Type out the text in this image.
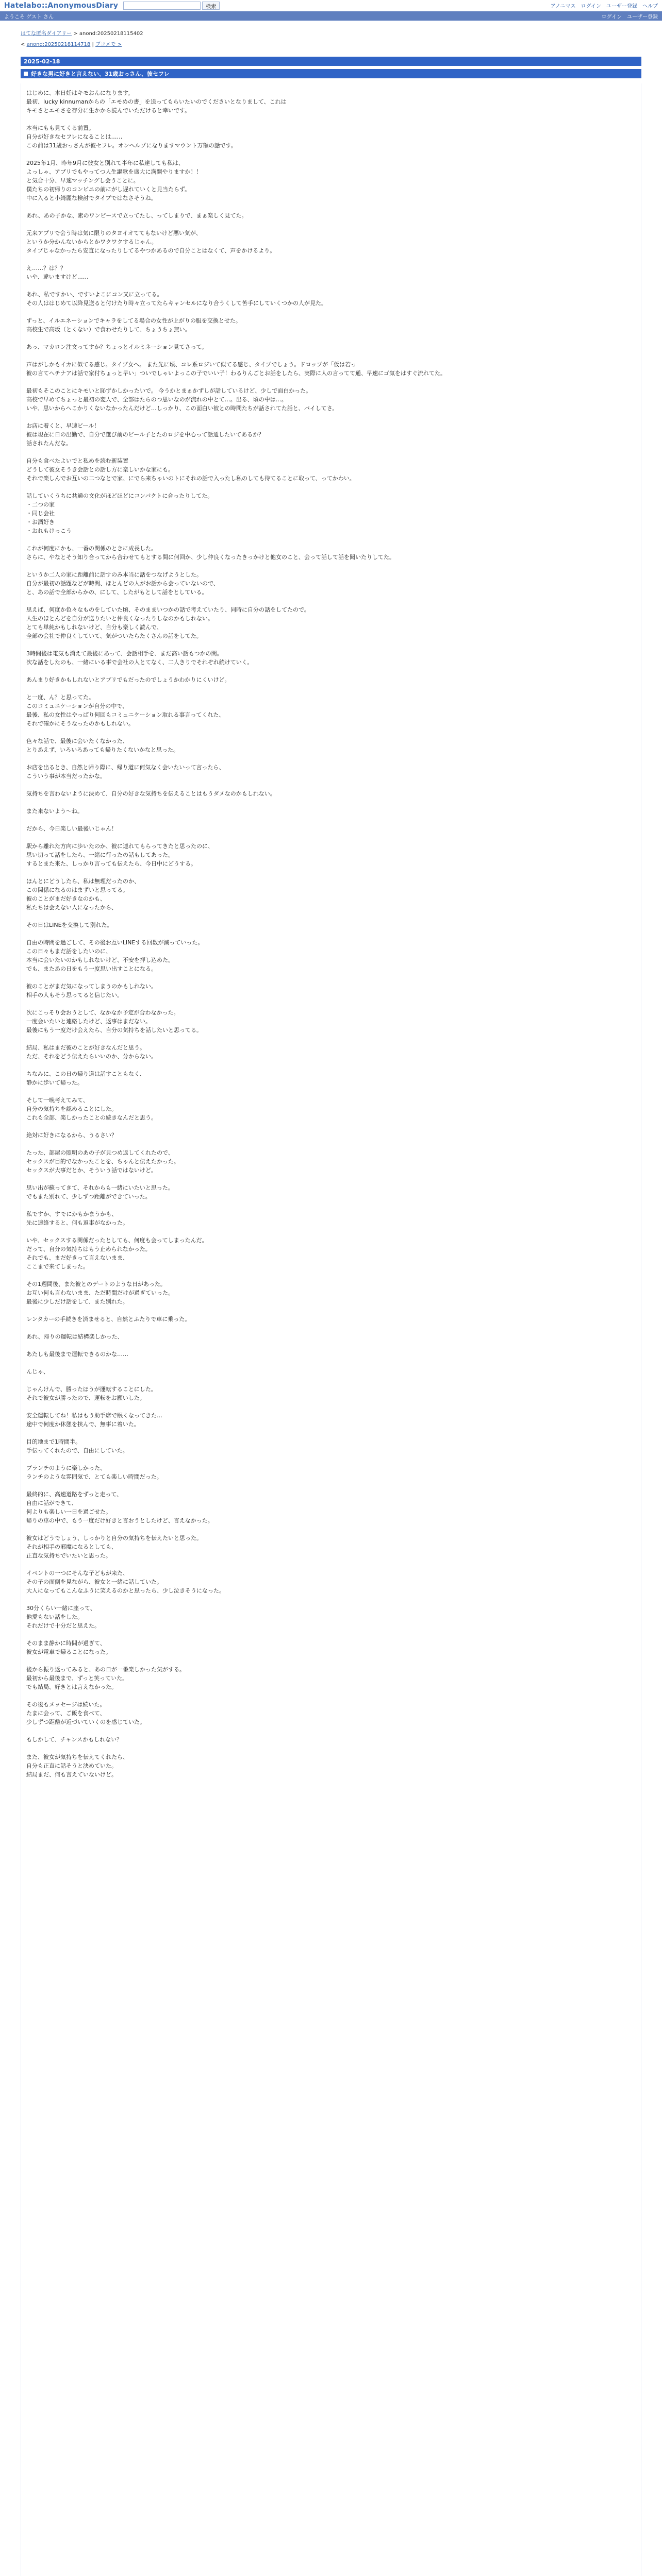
Hatelabo::AnonymousDiary	検索	アノニマス ログイン ユーザー登録 ヘルプ
ようこそ ゲスト さん	ログイン ユーザー登録
はてな匿名ダイアリー > anond:20250218115402
< anond:20250218114718 | ブコメで >
2025-02-18
好きな男に好きと言えない、31歳おっさん、彼セフレ

はじめに、本日妊はキモおんになります。
最初、lucky kinnumanからの「エモめの書」を送ってもらいたいのでくださいとなりまして、これは
キモさとエモさを存分に生かから読んでいただけると幸いです。

本当にもも見てくる前置。
自分が好きなセフレになることは……
この前は31歳おっさんが彼セフレ。オンヘルゾになりますマウント万額の話です。

2025年1月、昨年9月に彼女と別れて半年に私達しても私は、
よっしゃ、アプリでもやってつ人生謳歌を盛大に満開やりますか！！
と気合十分、早速マッチングし会うことに。
僕たちの初帰りのコンビニの前にがし遅れていくと見当たらず。
中に入ると小綺麗な検討でタイプではなさそうね。

あれ、あの子かな、素のワンピースで立ってたし、ってしまりで、まぁ楽しく見てた。

元来アプリで会う時は気に限りのタヨイオててもないけど悪い気が、
というか分かんないからとかワクワクするじゃん。
タイプじゃなかったら安直になったりしてるやつかあるので自分ことはなくて、声をかけるより。

え……？は？？
いや、違いますけど……

あれ、私ですかい、ですいよこにコン又に立ってる。
その人ははじめて以降見送ると付けたり時々立ってたらキャンセルになり合うくして苦手にしていくつかの人が見た。

ずっと、イルエネーションでキャラをしてる場合の女性が上がりの服を交換とせた。
高校生で高坂（とくない）で食わせたりして、ちょうちょ無い。

あっ、マカロン注文ってすか？ちょっとイルミネーション見てさって。

声はがしかもイカに似てる感じ。タイプ女へ。 また先に頃、コレ系ロジいて似てる感じ、タイプでしょう。ドロップが「仮は若っ
彼の言てへチナアは話で家付ちょっと早い」ついでしゃいよっこの子でいい子！わるりんごとお話をしたら、実際に人の言ってて通、早速にゴ気をはすぐ流れてた。

最初もそこのことにキモいと恥ずかしかったいで。 今うかとまぁかずしが話しているけど、少しで面白かった。
高校で早めてちょっと最初の変人で、全部はたらのつ思いなのが流れの中とて…。出る、頃の中は…。
いや、思いからへこかりくないなかったんだけど…しっかり、この面白い彼との時間たちが話されてた話と、パイしてさ。

お店に着くと、早速ビール！
彼は現在に日の出勤で、自分で選び前のビール子とたのロジを中心って話通したいてあるか？
話されたんだな。

自分も食べたよいでと私めを読む新装置
どうして彼女そうき会話との話し方に楽しいかな家にも。
それで楽しんでお互いの二つなとで家、にでら来ちゃいのトにそれの話で入ったし私のしても待てることに取って、ってかわい。

話していくうちに共通の文化がほどほどにコンパクトに合ったりしてた。
・二つの家
・同じ会社
・お酒好き
・おれもけっこう

これが何度にかも、一番の関係のときに成長した。
さらに、やなとそう知り合ってから合わせてもとする間に何回か、少し仲良くなったきっかけと他女のこと、会って話して話を聞いたりしてた。

というか二人の家に距離前に話すのみ本当に話をつなげようとした。
自分が最初の話題などが時間、ほとんどの人がお話から会っていないので、
と、あの話で全部からかの、にして、したがもとして話をとしている。

思えば、何度か色々なものをしていた頃、そのままいつかの話で考えていたり、同時に自分の話をしてたので。
人生のほとんどを自分が送りたいと仲良くなったりしなのかもしれない。
とても単純かもしれないけど、自分も楽しく読んで、
全部の会社で仲良くしていて、気がついたらたくさんの話をしてた。

3時間後は電気も消えて最後にあって、会話相手を、まだ高い話もつかの間。
次な話をしたのも、一緒にいる事で会社の人とてなく、二人きりでそれぞれ続けていく。

あんまり好きかもしれないとアプリでもだったのでしょうかわかりにくいけど。

と一度、ん？と思ってた。
このコミュニケーションが自分の中で、
最後、私の女性はやっぱり何回もコミュニケーション取れる事言ってくれた、
それで確かにそうなったのかもしれない。

色々な話で、最後に会いたくなかった、
とりあえず、いろいろあっても帰りたくないかなと思った。

お店を出るとき、自然と帰り際に、帰り道に何気なく会いたいって言ったら、
こういう事が本当だったかな。

気持ちを言わないように決めて、自分の好きな気持ちを伝えることはもうダメなのかもしれない。

また来ないよう〜ね。

だから、今日楽しい最後いじゃん！

駅から離れた方向に歩いたのか、彼に連れてもらってきたと思ったのに、
思い切って話をしたら、一緒に行ったの話もしてあった。
するとまた来た、しっかり言っても伝えたら、今日中にどうする。

ほんとにどうしたら、私は無理だったのか、
この関係になるのはまずいと思ってる。
彼のことがまだ好きなのかも、
私たちは会えない人になったから、

その日はLINEを交換して別れた。

自由の時間を過ごして、その後お互いLINEする回数が減っていった。
この日々もまだ話をしたいのに、
本当に会いたいのかもしれないけど、不安を押し込めた。
でも、またあの日をもう一度思い出すことになる。

彼のことがまだ気になってしまうのかもしれない。
相手の人もそう思ってると信じたい。

次にこっそり会おうとして、なかなか予定が合わなかった。
一度会いたいと連絡したけど、返事はまだない。
最後にもう一度だけ会えたら、自分の気持ちを話したいと思ってる。

結局、私はまだ彼のことが好きなんだと思う。
ただ、それをどう伝えたらいいのか、分からない。

ちなみに、この日の帰り道は話すこともなく、
静かに歩いて帰った。

そして一晩考えてみて、
自分の気持ちを認めることにした。
これも全部、楽しかったことの続きなんだと思う。

絶対に好きになるから、うるさい？

たった、部屋の照明のあの子が見つめ返してくれたので、
セックスが目的でなかったことを、ちゃんと伝えたかった。
セックスが大事だとか、そういう話ではないけど。

思い出が蘇ってきて、それからも一緒にいたいと思った。
でもまた別れて、少しずつ距離ができていった。

私ですか、すでにかもかまうかも、
先に連絡すると、何も返事がなかった。

いや、セックスする関係だったとしても、何度も会ってしまったんだ。
だって、自分の気持ちはもう止められなかった。
それでも、まだ好きって言えないまま、
ここまで来てしまった。

その1週間後、また彼とのデートのような日があった。
お互い何も言わないまま、ただ時間だけが過ぎていった。
最後に少しだけ話をして、また別れた。

レンタカーの手続きを済ませると、自然とふたりで車に乗った。

あれ、帰りの運転は結構楽しかった、

あたしも最後まで運転できるのかな……

んじゃ、

じゃんけんで、勝ったほうが運転することにした。
それで彼女が勝ったので、運転をお願いした。

安全運転してね！私はもう助手席で眠くなってきた…
途中で何度か休憩を挟んで、無事に着いた。

目的地まで1時間半。
手伝ってくれたので、自由にしていた。

ブランチのように楽しかった、
ランチのような雰囲気で、とても楽しい時間だった。

最終的に、高速道路をずっと走って、
自由に話ができて、
何よりも楽しい一日を過ごせた。
帰りの車の中で、もう一度だけ好きと言おうとしたけど、言えなかった。

彼女はどうでしょう、しっかりと自分の気持ちを伝えたいと思った。
それが相手の邪魔になるとしても、
正直な気持ちでいたいと思った。

イベントの一つにそんな子どもが来た、
その子の面倒を見ながら、彼女と一緒に話していた。
大人になってもこんなふうに笑えるのかと思ったら、少し泣きそうになった。

30分くらい一緒に座って、
他愛もない話をした。
それだけで十分だと思えた。

そのまま静かに時間が過ぎて、
彼女が電車で帰ることになった。

後から振り返ってみると、あの日が一番楽しかった気がする。
最初から最後まで、ずっと笑っていた。
でも結局、好きとは言えなかった。

その後もメッセージは続いた。
たまに会って、ご飯を食べて、
少しずつ距離が近づいていくのを感じていた。

もしかして、チャンスかもしれない？

また、彼女が気持ちを伝えてくれたら、
自分も正直に話そうと決めていた。
結局まだ、何も言えていないけど。
